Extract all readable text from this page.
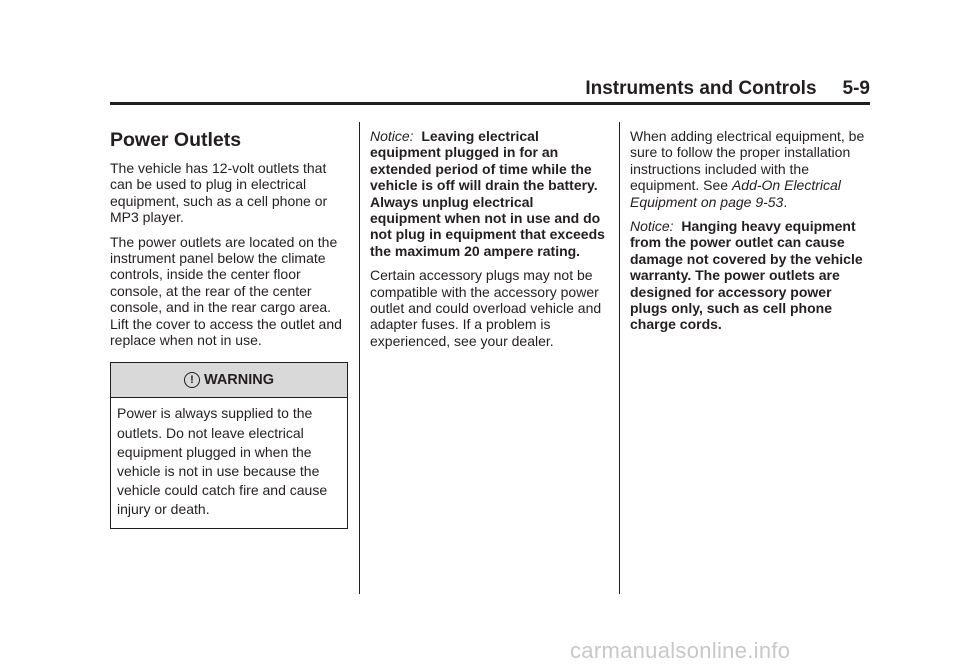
Instruments and Controls 5-9
Power Outlets

The vehicle has 12-volt outlets that can be used to plug in electrical equipment, such as a cell phone or MP3 player.

The power outlets are located on the instrument panel below the climate controls, inside the center floor console, at the rear of the center console, and in the rear cargo area. Lift the cover to access the outlet and replace when not in use.

! WARNING
Power is always supplied to the outlets. Do not leave electrical equipment plugged in when the vehicle is not in use because the vehicle could catch fire and cause injury or death.

Notice: Leaving electrical equipment plugged in for an extended period of time while the vehicle is off will drain the battery. Always unplug electrical equipment when not in use and do not plug in equipment that exceeds the maximum 20 ampere rating.

Certain accessory plugs may not be compatible with the accessory power outlet and could overload vehicle and adapter fuses. If a problem is experienced, see your dealer.

When adding electrical equipment, be sure to follow the proper installation instructions included with the equipment. See Add-On Electrical Equipment on page 9-53.

Notice: Hanging heavy equipment from the power outlet can cause damage not covered by the vehicle warranty. The power outlets are designed for accessory power plugs only, such as cell phone charge cords.

carmanualsonline.info
